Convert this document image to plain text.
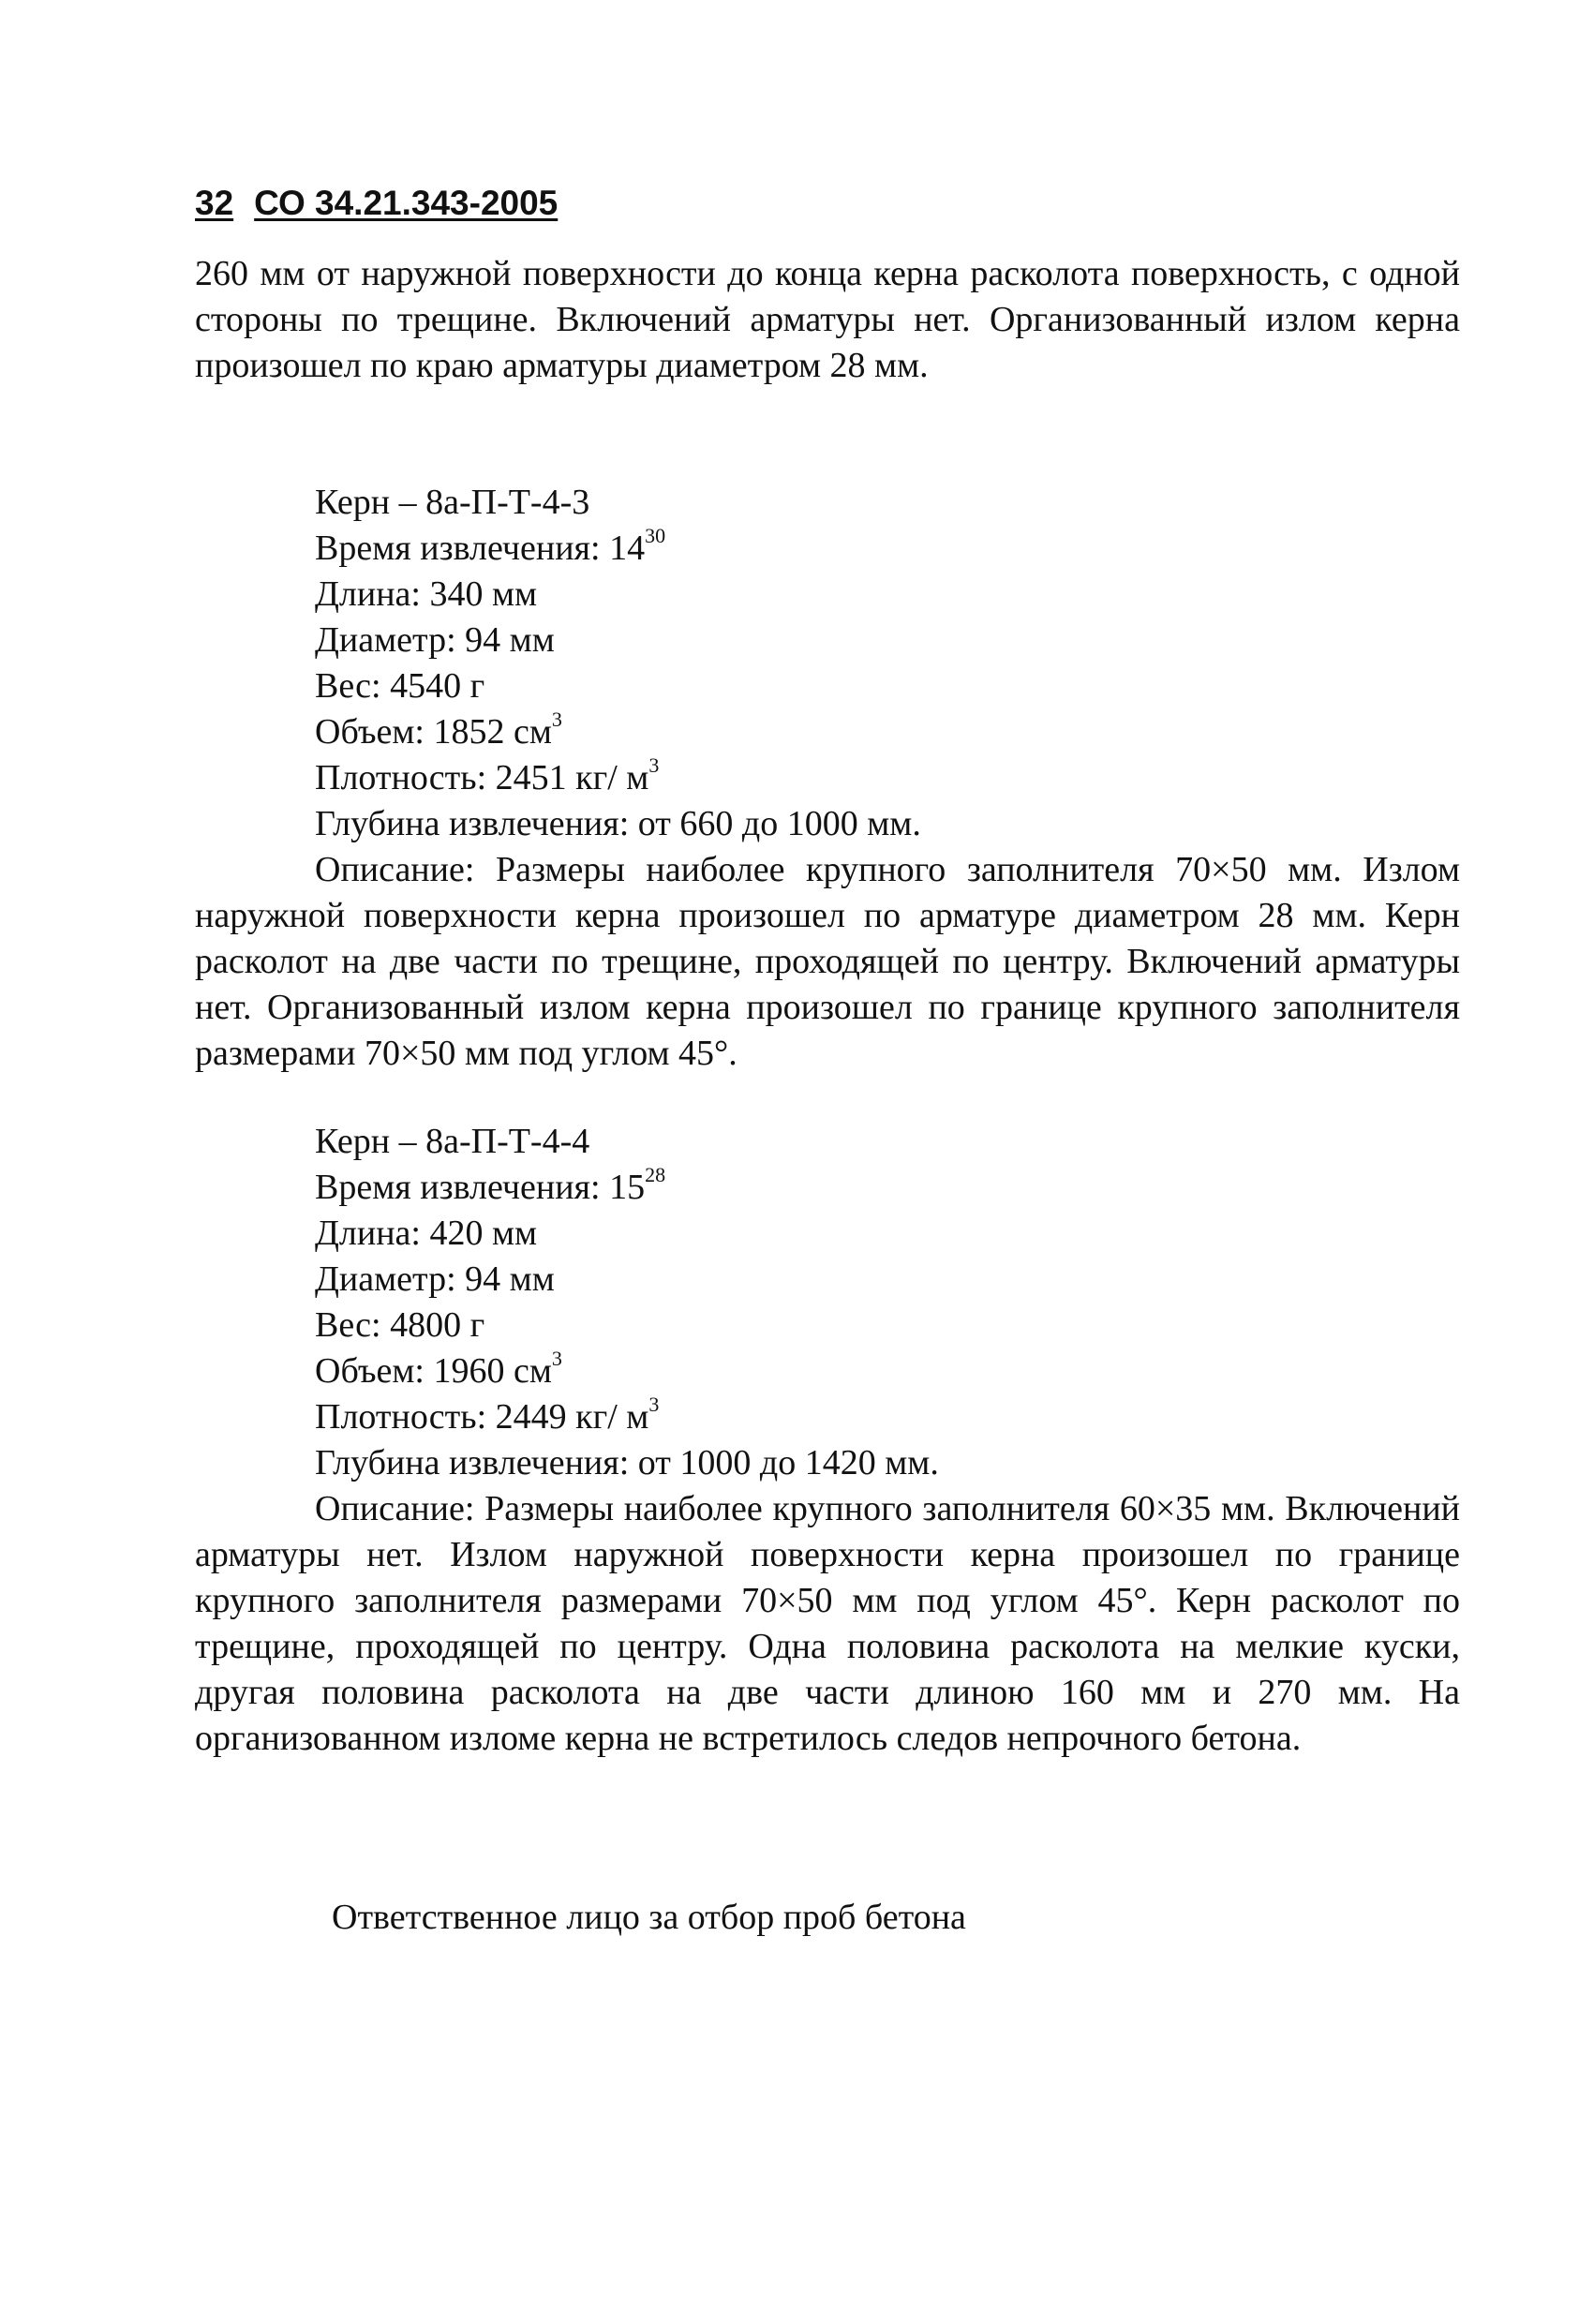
32 СО 34.21.343-2005
260 мм от наружной поверхности до конца керна расколота поверхность, с одной стороны по трещине. Включений арматуры нет. Организованный излом керна произошел по краю арматуры диаметром 28 мм.
Керн – 8а-П-Т-4-3
Время извлечения: $14^{30}$
Длина: 340 мм
Диаметр: 94 мм
Вес: 4540 г
Объем: 1852 $см^3$
Плотность: 2451 кг/ $м^3$
Глубина извлечения: от 660 до 1000 мм.
Описание: Размеры наиболее крупного заполнителя 70×50 мм. Излом наружной поверхности керна произошел по арматуре диаметром 28 мм. Керн расколот на две части по трещине, проходящей по центру. Включений арматуры нет. Организованный излом керна произошел по границе крупного заполнителя размерами 70×50 мм под углом 45°.
Керн – 8а-П-Т-4-4
Время извлечения: $15^{28}$
Длина: 420 мм
Диаметр: 94 мм
Вес: 4800 г
Объем: 1960 $см^3$
Плотность: 2449 кг/ $м^3$
Глубина извлечения: от 1000 до 1420 мм.
Описание: Размеры наиболее крупного заполнителя 60×35 мм. Включений арматуры нет. Излом наружной поверхности керна произошел по границе крупного заполнителя размерами 70×50 мм под углом 45°. Керн расколот по трещине, проходящей по центру. Одна половина расколота на мелкие куски, другая половина расколота на две части длиною 160 мм и 270 мм. На организованном изломе керна не встретилось следов непрочного бетона.
Ответственное лицо за отбор проб бетона
